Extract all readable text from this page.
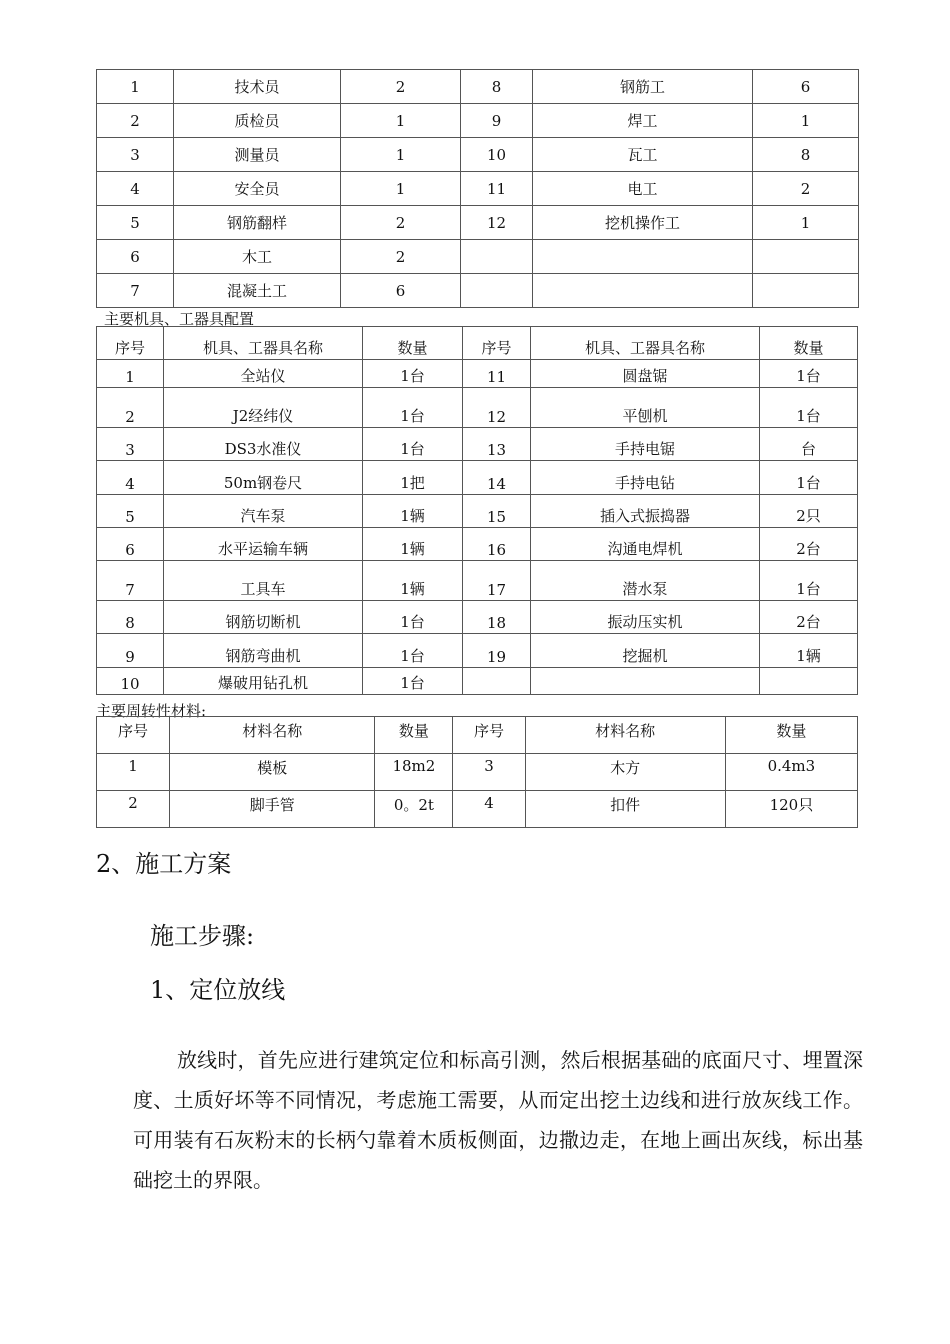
1	技术员	2	8	钢筋工	6
2	质检员	1	9	焊工	1
3	测量员	1	10	瓦工	8
4	安全员	1	11	电工	2
5	钢筋翻样	2	12	挖机操作工	1
6	木工	2			
7	混凝土工	6			
主要机具、工器具配置
序号	机具、工器具名称	数量	序号	机具、工器具名称	数量
1	全站仪	1台	11	圆盘锯	1台
2	J2经纬仪	1台	12	平刨机	1台
3	DS3水准仪	1台	13	手持电锯	台
4	50m钢卷尺	1把	14	手持电钻	1台
5	汽车泵	1辆	15	插入式振捣器	2只
6	水平运输车辆	1辆	16	沟通电焊机	2台
7	工具车	1辆	17	潜水泵	1台
8	钢筋切断机	1台	18	振动压实机	2台
9	钢筋弯曲机	1台	19	挖掘机	1辆
10	爆破用钻孔机	1台			
主要周转性材料:
序号	材料名称	数量	序号	材料名称	数量
1	模板	18m2	3	木方	0.4m3
2	脚手管	0。2t	4	扣件	120只
2、施工方案
施工步骤:
1、定位放线
放线时，首先应进行建筑定位和标高引测，然后根据基础的底面尺寸、埋置深度、土质好坏等不同情况，考虑施工需要，从而定出挖土边线和进行放灰线工作。可用装有石灰粉末的长柄勺靠着木质板侧面，边撒边走，在地上画出灰线，标出基础挖土的界限。
